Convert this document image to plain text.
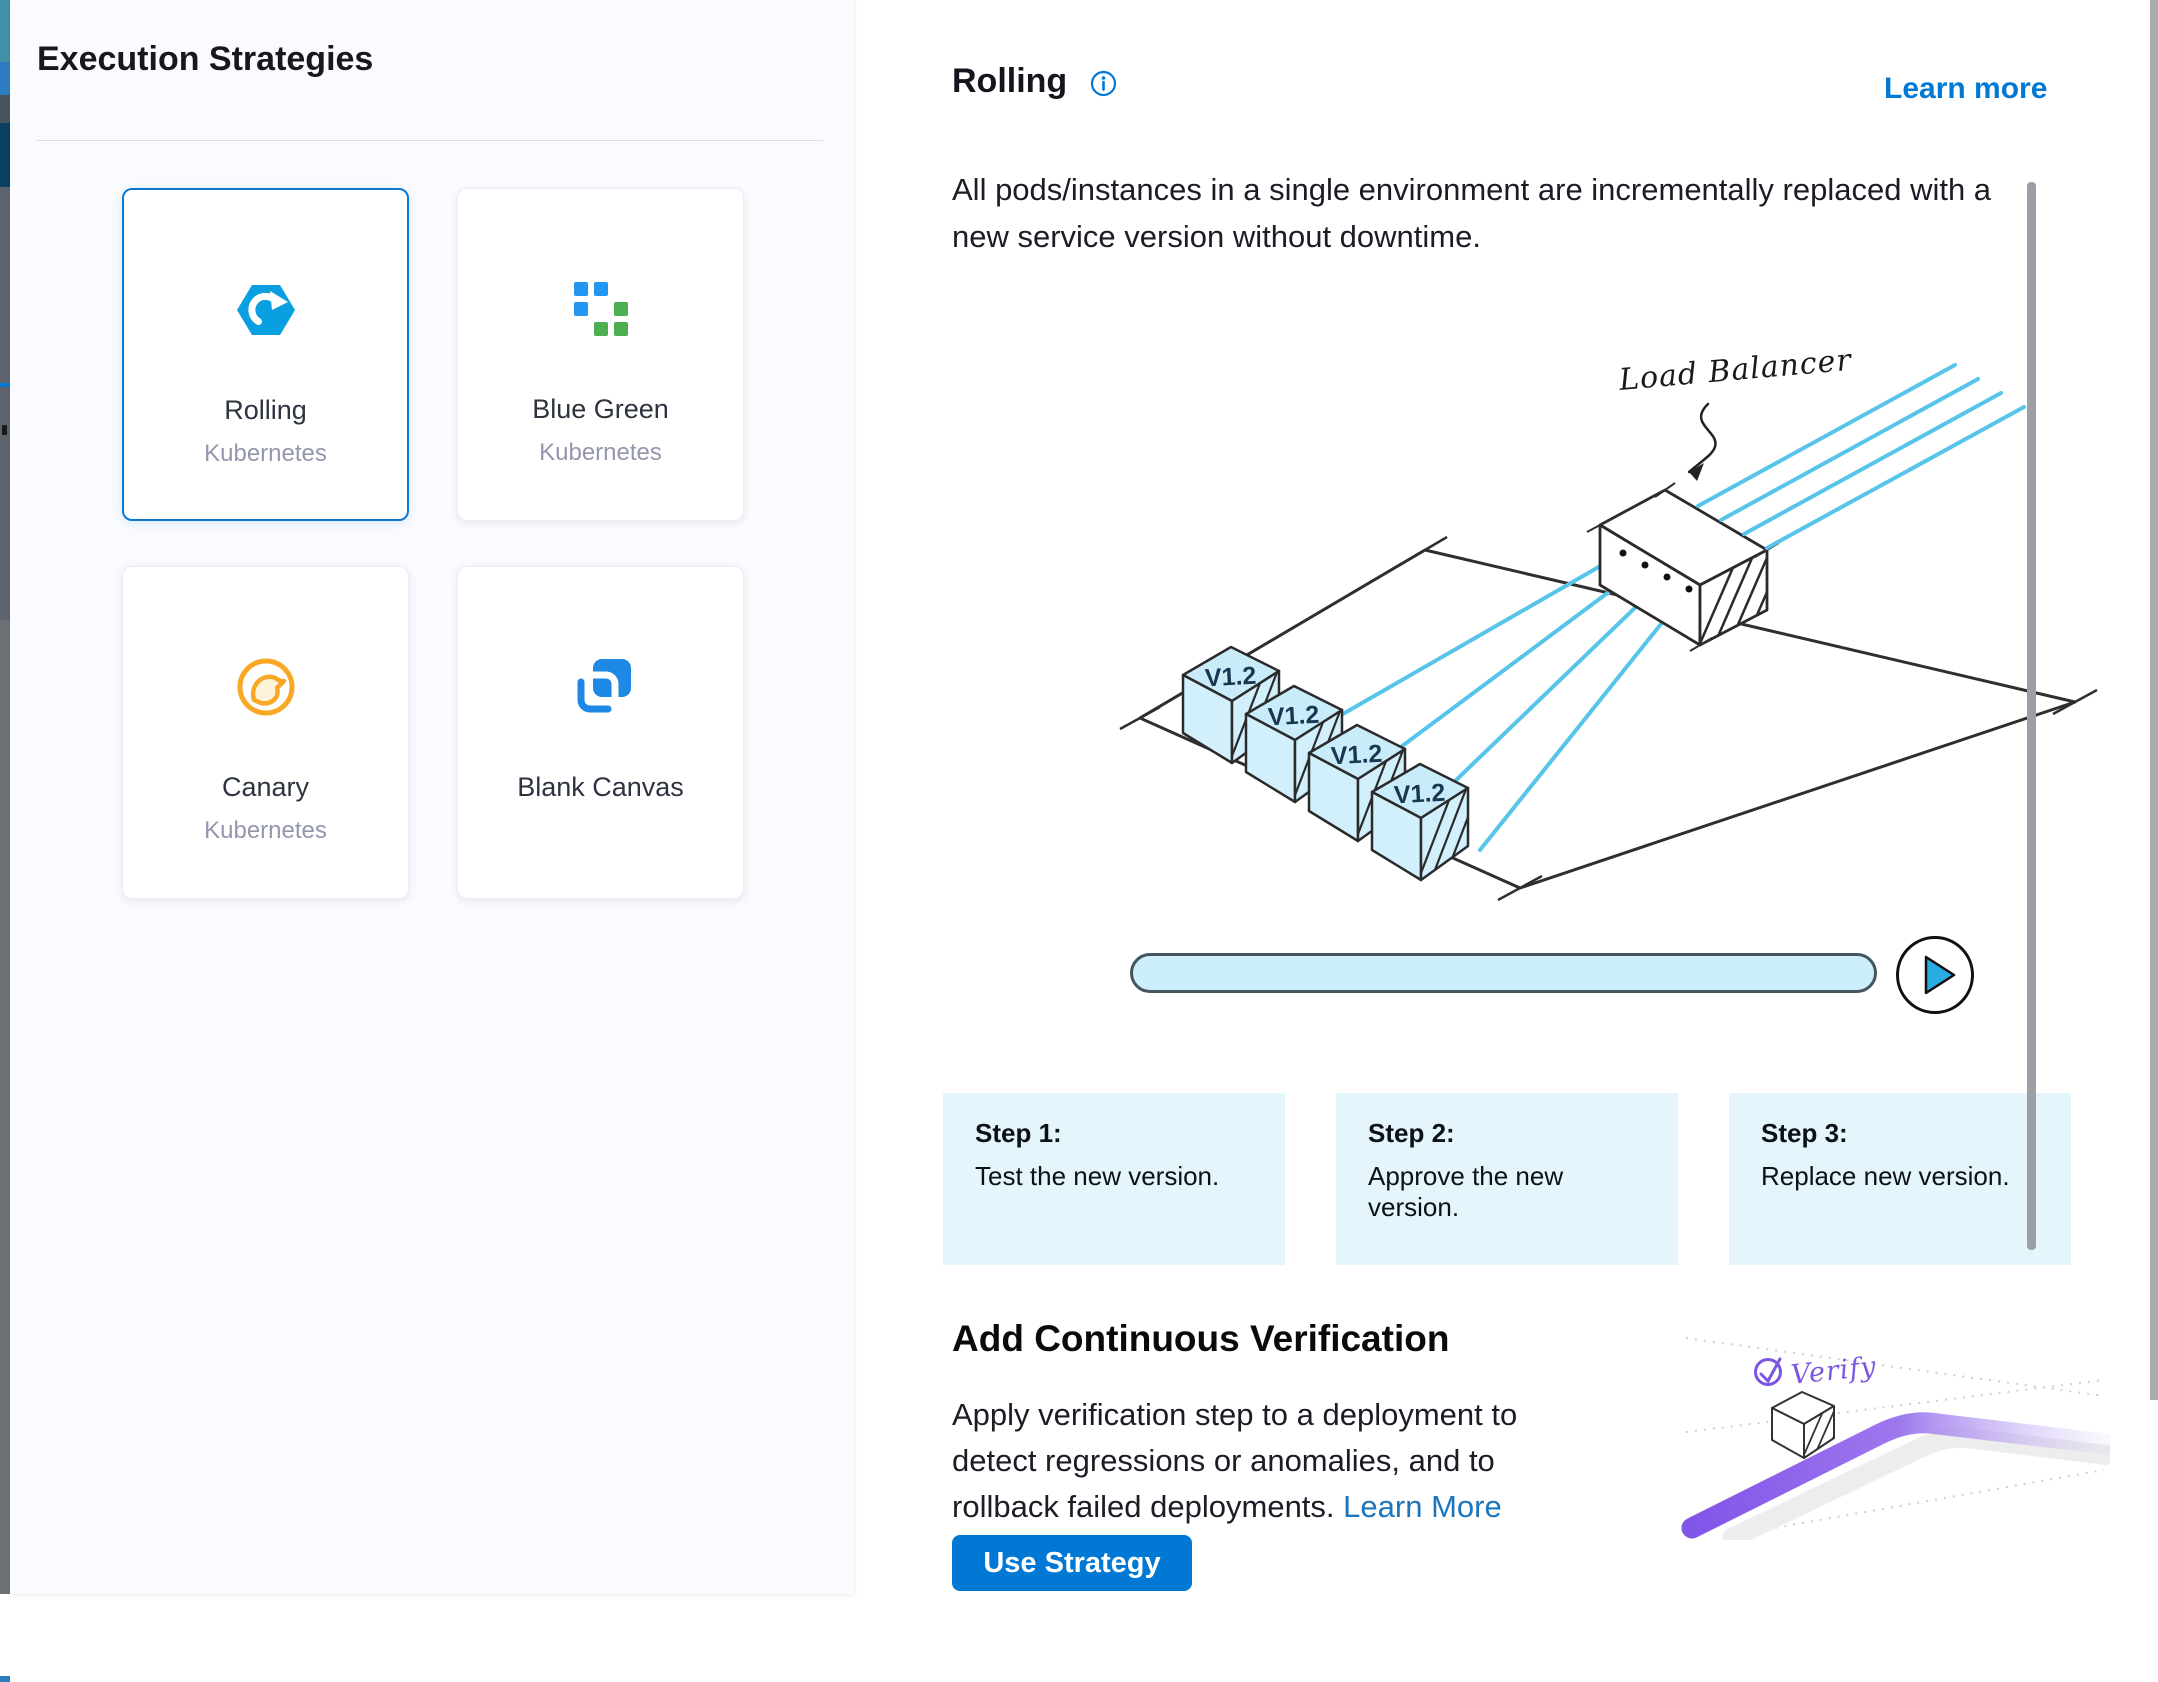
Execution Strategies
Rolling
Kubernetes
Blue Green
Kubernetes
Canary
Kubernetes
Blank Canvas
Rolling	Learn more
All pods/instances in a single environment are incrementally replaced with a
new service version without downtime.
V1.2
V1.2
V1.2
V1.2
Load Balancer
Step 1:
Test the new version.
Step 2:
Approve the new version.
Step 3:
Replace new version.
Add Continuous Verification
Apply verification step to a deployment to
detect regressions or anomalies, and to
rollback failed deployments. Learn More
Use Strategy
Verify
